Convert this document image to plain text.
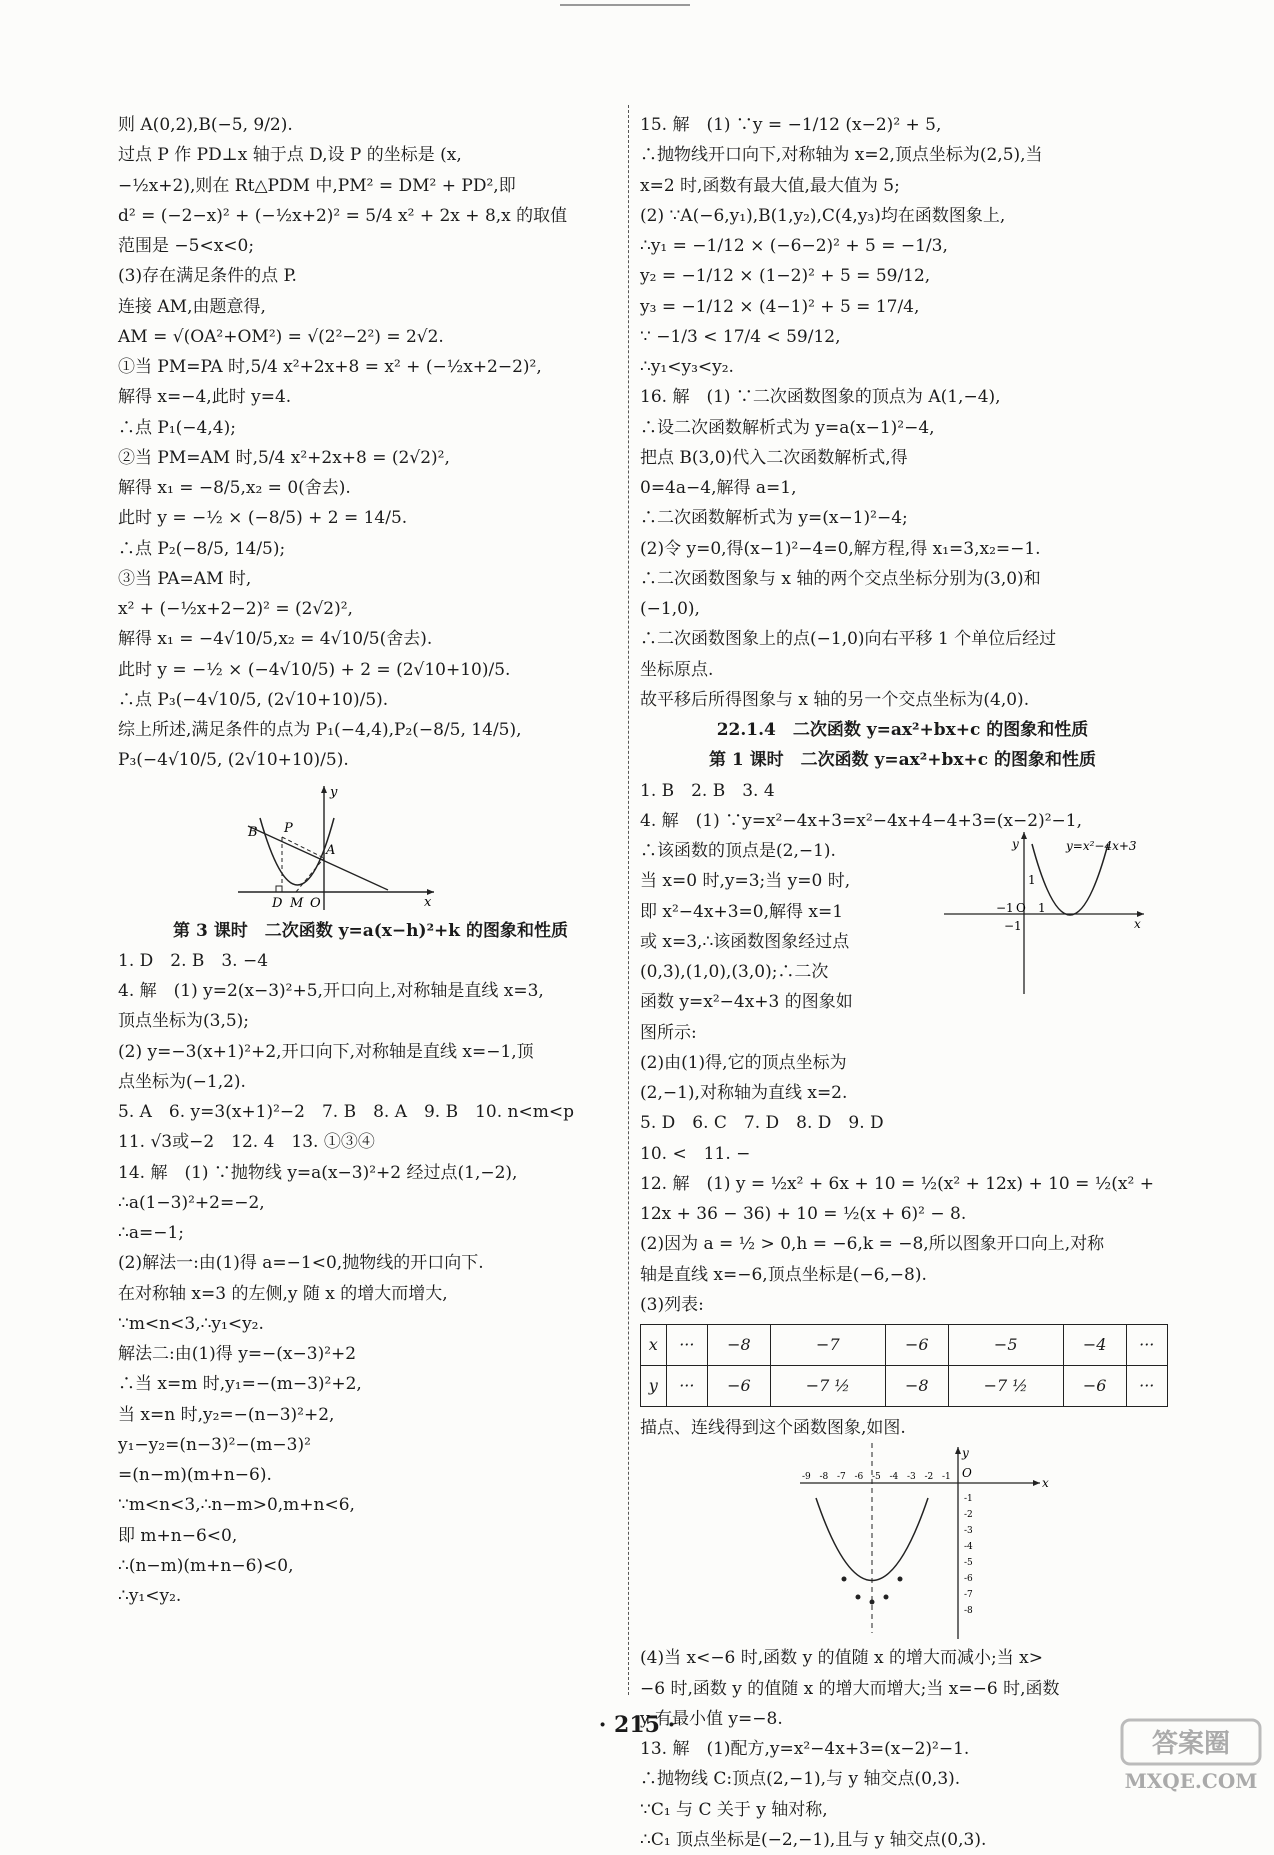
则 A(0,2),B(−5, 9/2).
过点 P 作 PD⊥x 轴于点 D,设 P 的坐标是 (x,
−½x+2),则在 Rt△PDM 中,PM² = DM² + PD²,即
d² = (−2−x)² + (−½x+2)² = 5/4 x² + 2x + 8,x 的取值
范围是 −5<x<0;
(3)存在满足条件的点 P.
连接 AM,由题意得,
AM = √(OA²+OM²) = √(2²−2²) = 2√2.
①当 PM=PA 时,5/4 x²+2x+8 = x² + (−½x+2−2)²,
解得 x=−4,此时 y=4.
∴点 P₁(−4,4);
②当 PM=AM 时,5/4 x²+2x+8 = (2√2)²,
解得 x₁ = −8/5,x₂ = 0(舍去).
此时 y = −½ × (−8/5) + 2 = 14/5.
∴点 P₂(−8/5, 14/5);
③当 PA=AM 时,
x² + (−½x+2−2)² = (2√2)²,
解得 x₁ = −4√10/5,x₂ = 4√10/5(舍去).
此时 y = −½ × (−4√10/5) + 2 = (2√10+10)/5.
∴点 P₃(−4√10/5, (2√10+10)/5).
综上所述,满足条件的点为 P₁(−4,4),P₂(−8/5, 14/5),
P₃(−4√10/5, (2√10+10)/5).
y
x
B P
A
D M O
第 3 课时　二次函数 y=a(x−h)²+k 的图象和性质
1. D　2. B　3. −4
4. 解　(1) y=2(x−3)²+5,开口向上,对称轴是直线 x=3,
顶点坐标为(3,5);
(2) y=−3(x+1)²+2,开口向下,对称轴是直线 x=−1,顶
点坐标为(−1,2).
5. A　6. y=3(x+1)²−2　7. B　8. A　9. B　10. n<m<p
11. √3或−2　12. 4　13. ①③④
14. 解　(1) ∵抛物线 y=a(x−3)²+2 经过点(1,−2),
∴a(1−3)²+2=−2,
∴a=−1;
(2)解法一:由(1)得 a=−1<0,抛物线的开口向下.
在对称轴 x=3 的左侧,y 随 x 的增大而增大,
∵m<n<3,∴y₁<y₂.
解法二:由(1)得 y=−(x−3)²+2
∴当 x=m 时,y₁=−(m−3)²+2,
当 x=n 时,y₂=−(n−3)²+2,
y₁−y₂=(n−3)²−(m−3)²
=(n−m)(m+n−6).
∵m<n<3,∴n−m>0,m+n<6,
即 m+n−6<0,
∴(n−m)(m+n−6)<0,
∴y₁<y₂.
15. 解　(1) ∵y = −1/12 (x−2)² + 5,
∴抛物线开口向下,对称轴为 x=2,顶点坐标为(2,5),当
x=2 时,函数有最大值,最大值为 5;
(2) ∵A(−6,y₁),B(1,y₂),C(4,y₃)均在函数图象上,
∴y₁ = −1/12 × (−6−2)² + 5 = −1/3,
y₂ = −1/12 × (1−2)² + 5 = 59/12,
y₃ = −1/12 × (4−1)² + 5 = 17/4,
∵ −1/3 < 17/4 < 59/12,
∴y₁<y₃<y₂.
16. 解　(1) ∵二次函数图象的顶点为 A(1,−4),
∴设二次函数解析式为 y=a(x−1)²−4,
把点 B(3,0)代入二次函数解析式,得
0=4a−4,解得 a=1,
∴二次函数解析式为 y=(x−1)²−4;
(2)令 y=0,得(x−1)²−4=0,解方程,得 x₁=3,x₂=−1.
∴二次函数图象与 x 轴的两个交点坐标分别为(3,0)和
(−1,0),
∴二次函数图象上的点(−1,0)向右平移 1 个单位后经过
坐标原点.
故平移后所得图象与 x 轴的另一个交点坐标为(4,0).
22.1.4　二次函数 y=ax²+bx+c 的图象和性质
第 1 课时　二次函数 y=ax²+bx+c 的图象和性质
1. B　2. B　3. 4
4. 解　(1) ∵y=x²−4x+3=x²−4x+4−4+3=(x−2)²−1,
∴该函数的顶点是(2,−1).
当 x=0 时,y=3;当 y=0 时,
即 x²−4x+3=0,解得 x=1
或 x=3,∴该函数图象经过点
(0,3),(1,0),(3,0);∴二次
函数 y=x²−4x+3 的图象如
图所示:
(2)由(1)得,它的顶点坐标为
(2,−1),对称轴为直线 x=2.
5. D　6. C　7. D　8. D　9. D
10. <　11. −
12. 解　(1) y = ½x² + 6x + 10 = ½(x² + 12x) + 10 = ½(x² +
12x + 36 − 36) + 10 = ½(x + 6)² − 8.
(2)因为 a = ½ > 0,h = −6,k = −8,所以图象开口向上,对称
轴是直线 x=−6,顶点坐标是(−6,−8).
(3)列表:
y=x²−4x+3
y
x
1
−1 O 1
−1
x	···	−8	−7	−6	−5	−4	···
y	···	−6	−7 ½	−8	−7 ½	−6	···
描点、连线得到这个函数图象,如图.
y
O
x
-9 -8 -7 -6 -5 -4 -3 -2 -1
-1
-2
-3
-4
-5
-6
-7
-8
(4)当 x<−6 时,函数 y 的值随 x 的增大而减小;当 x>
−6 时,函数 y 的值随 x 的增大而增大;当 x=−6 时,函数
y 有最小值 y=−8.
13. 解　(1)配方,y=x²−4x+3=(x−2)²−1.
∴抛物线 C:顶点(2,−1),与 y 轴交点(0,3).
∵C₁ 与 C 关于 y 轴对称,
∴C₁ 顶点坐标是(−2,−1),且与 y 轴交点(0,3).
· 215 ·
答案圈
MXQE.COM
